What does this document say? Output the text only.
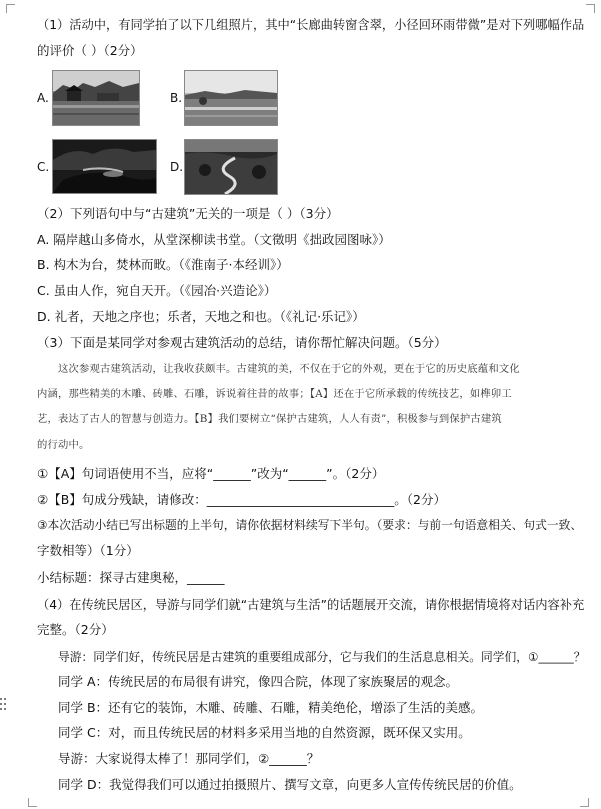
（1）活动中，有同学拍了以下几组照片，其中“长廊曲转窗含翠，小径回环雨带微”是对下列哪幅作品
的评价（ ）（2分）
A.	B.
C.	D.
（2）下列语句中与“古建筑”无关的一项是（ ）（3分）
A. 隔岸越山多倚水，从堂深柳读书堂。（文徵明《拙政园图咏》）
B. 构木为台，焚林而畋。（《淮南子·本经训》）
C. 虽由人作，宛自天开。（《园冶·兴造论》）
D. 礼者，天地之序也；乐者，天地之和也。（《礼记·乐记》）
（3）下面是某同学对参观古建筑活动的总结，请你帮忙解决问题。（5分）
这次参观古建筑活动，让我收获颇丰。古建筑的美，不仅在于它的外观，更在于它的历史底蕴和文化
内涵，那些精美的木雕、砖雕、石雕，诉说着往昔的故事；【A】还在于它所承载的传统技艺，如榫卯工
艺，表达了古人的智慧与创造力。【B】我们要树立“保护古建筑，人人有责”，积极参与到保护古建筑
的行动中。
①【A】句词语使用不当，应将“______”改为“______”。（2分）
②【B】句成分残缺，请修改：______________________________。（2分）
③本次活动小结已写出标题的上半句，请你依据材料续写下半句。（要求：与前一句语意相关、句式一致、
字数相等）（1分）
小结标题：探寻古建奥秘，______
（4）在传统民居区，导游与同学们就“古建筑与生活”的话题展开交流，请你根据情境将对话内容补充
完整。（2分）
导游：同学们好，传统民居是古建筑的重要组成部分，它与我们的生活息息相关。同学们，①______？
同学 A：传统民居的布局很有讲究，像四合院，体现了家族聚居的观念。
同学 B：还有它的装饰，木雕、砖雕、石雕，精美绝伦，增添了生活的美感。
同学 C：对，而且传统民居的材料多采用当地的自然资源，既环保又实用。
导游：大家说得太棒了！那同学们，②______？
同学 D：我觉得我们可以通过拍摄照片、撰写文章，向更多人宣传传统民居的价值。
